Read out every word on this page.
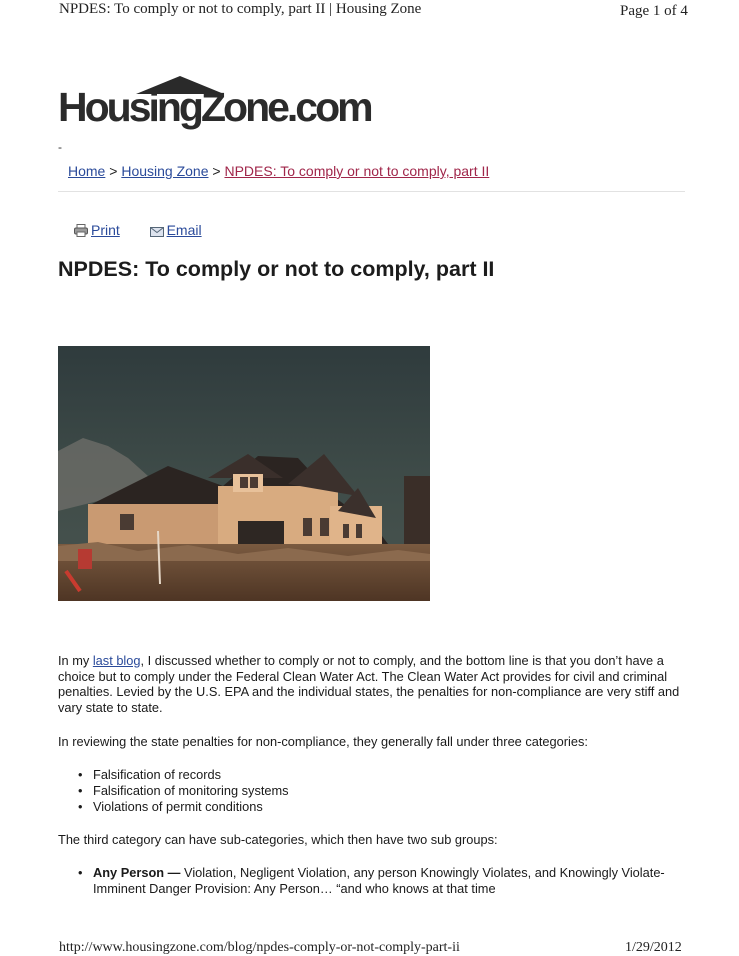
NPDES: To comply or not to comply, part II | Housing Zone	Page 1 of 4
HousingZone.com
-
Home > Housing Zone > NPDES: To comply or not to comply, part II
Print	Email
NPDES: To comply or not to comply, part II
In my last blog, I discussed whether to comply or not to comply, and the bottom line is that you don’t have a choice but to comply under the Federal Clean Water Act. The Clean Water Act provides for civil and criminal penalties. Levied by the U.S. EPA and the individual states, the penalties for non-compliance are very stiff and vary state to state.
In reviewing the state penalties for non-compliance, they generally fall under three categories:
• Falsification of records
• Falsification of monitoring systems
• Violations of permit conditions
The third category can have sub-categories, which then have two sub groups:
• Any Person — Violation, Negligent Violation, any person Knowingly Violates, and Knowingly Violate-Imminent Danger Provision: Any Person… “and who knows at that time
http://www.housingzone.com/blog/npdes-comply-or-not-comply-part-ii	1/29/2012
